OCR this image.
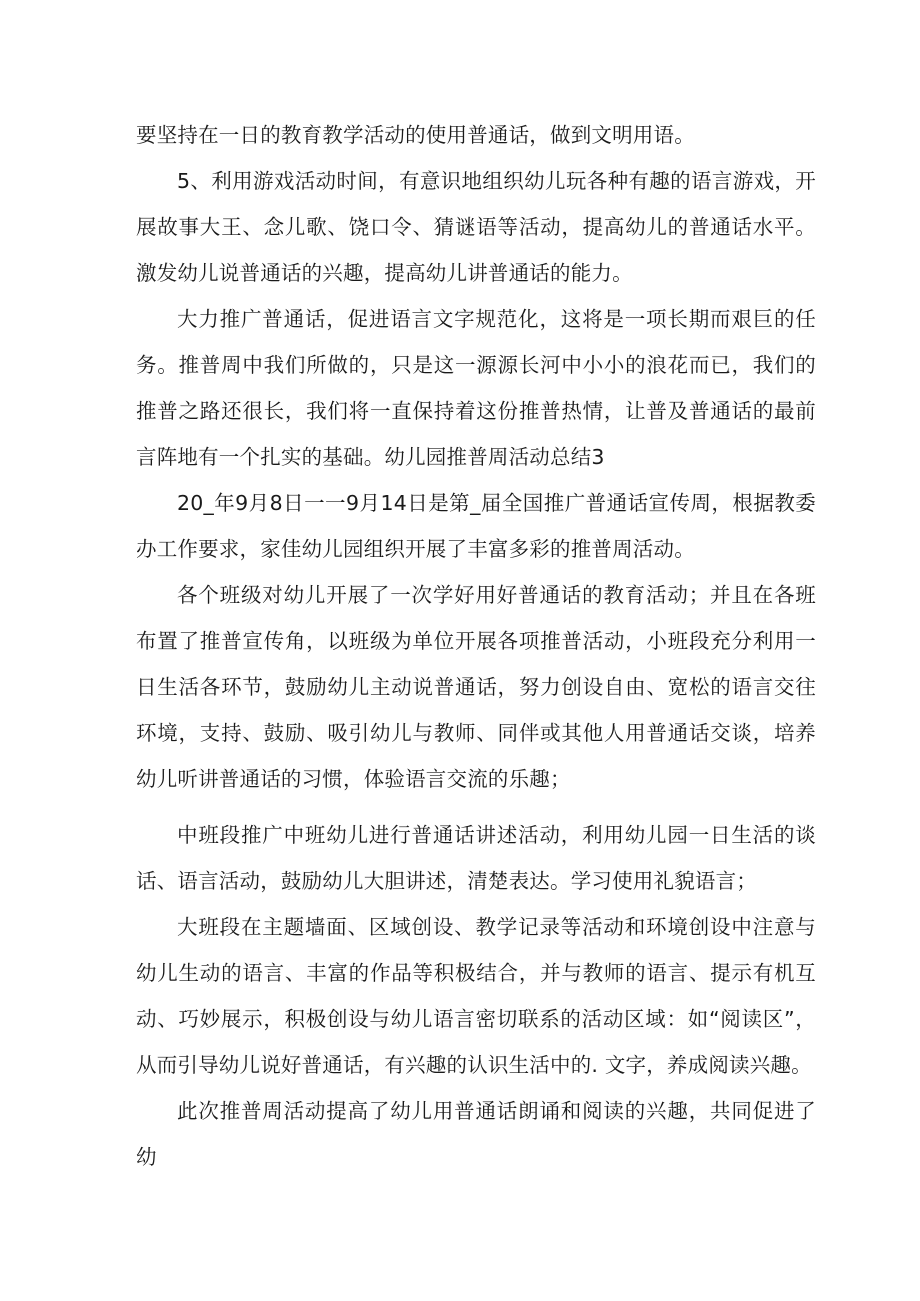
要坚持在一日的教育教学活动的使用普通话，做到文明用语。

5、利用游戏活动时间，有意识地组织幼儿玩各种有趣的语言游戏，开展故事大王、念儿歌、饶口令、猜谜语等活动，提高幼儿的普通话水平。激发幼儿说普通话的兴趣，提高幼儿讲普通话的能力。

大力推广普通话，促进语言文字规范化，这将是一项长期而艰巨的任务。推普周中我们所做的，只是这一源源长河中小小的浪花而已，我们的推普之路还很长，我们将一直保持着这份推普热情，让普及普通话的最前言阵地有一个扎实的基础。幼儿园推普周活动总结3

20_年9月8日一一9月14日是第_届全国推广普通话宣传周，根据教委办工作要求，家佳幼儿园组织开展了丰富多彩的推普周活动。

各个班级对幼儿开展了一次学好用好普通话的教育活动；并且在各班布置了推普宣传角，以班级为单位开展各项推普活动，小班段充分利用一日生活各环节，鼓励幼儿主动说普通话，努力创设自由、宽松的语言交往环境，支持、鼓励、吸引幼儿与教师、同伴或其他人用普通话交谈，培养幼儿听讲普通话的习惯，体验语言交流的乐趣；

中班段推广中班幼儿进行普通话讲述活动，利用幼儿园一日生活的谈话、语言活动，鼓励幼儿大胆讲述，清楚表达。学习使用礼貌语言；

大班段在主题墙面、区域创设、教学记录等活动和环境创设中注意与幼儿生动的语言、丰富的作品等积极结合，并与教师的语言、提示有机互动、巧妙展示，积极创设与幼儿语言密切联系的活动区域：如“阅读区”，从而引导幼儿说好普通话，有兴趣的认识生活中的. 文字，养成阅读兴趣。

此次推普周活动提高了幼儿用普通话朗诵和阅读的兴趣，共同促进了幼
